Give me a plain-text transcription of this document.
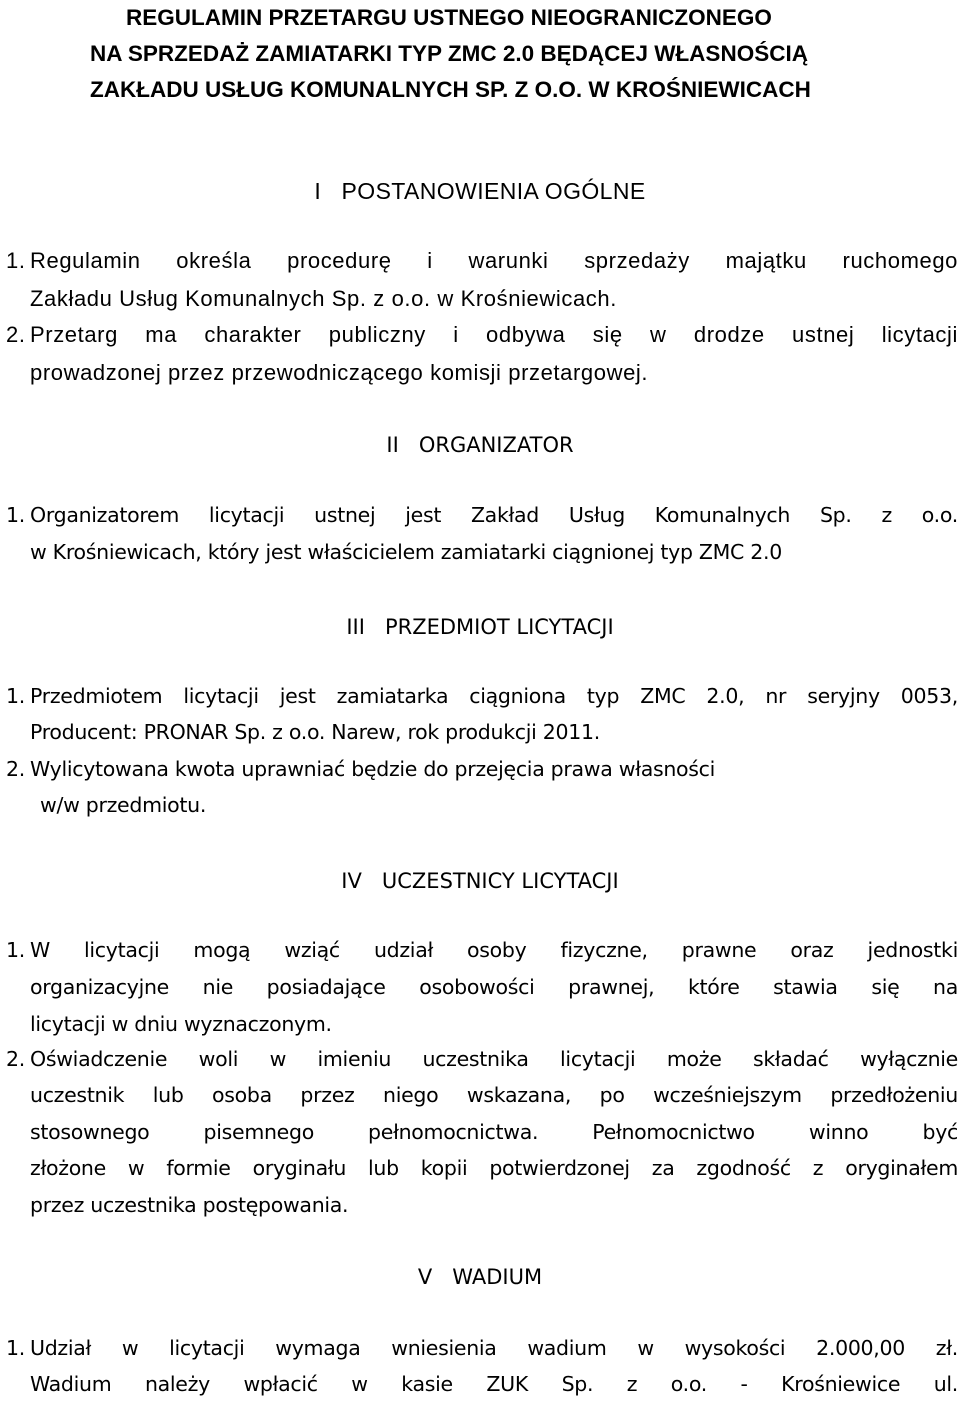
REGULAMIN PRZETARGU USTNEGO NIEOGRANICZONEGO
NA SPRZEDAŻ ZAMIATARKI TYP ZMC 2.0 BĘDĄCEJ WŁASNOŚCIĄ
ZAKŁADU USŁUG KOMUNALNYCH SP. Z O.O. W KROŚNIEWICACH
I   POSTANOWIENIA OGÓLNE
1. Regulamin określa procedurę i warunki sprzedaży majątku ruchomego
Zakładu Usług Komunalnych Sp. z o.o. w Krośniewicach.
2. Przetarg ma charakter publiczny i odbywa się w drodze ustnej licytacji
prowadzonej przez przewodniczącego komisji przetargowej.
II   ORGANIZATOR
1. Organizatorem licytacji ustnej jest Zakład Usług Komunalnych Sp. z o.o.
w Krośniewicach, który jest właścicielem zamiatarki ciągnionej typ ZMC 2.0
III   PRZEDMIOT LICYTACJI
1. Przedmiotem licytacji jest zamiatarka ciągniona typ ZMC 2.0, nr seryjny 0053,
Producent: PRONAR Sp. z o.o. Narew, rok produkcji 2011.
2. Wylicytowana kwota uprawniać będzie do przejęcia prawa własności
w/w przedmiotu.
IV   UCZESTNICY LICYTACJI
1. W licytacji mogą wziąć udział osoby fizyczne, prawne oraz jednostki
organizacyjne nie posiadające osobowości prawnej, które stawia się na
licytacji w dniu wyznaczonym.
2. Oświadczenie woli w imieniu uczestnika licytacji może składać wyłącznie
uczestnik lub osoba przez niego wskazana, po wcześniejszym przedłożeniu
stosownego pisemnego pełnomocnictwa. Pełnomocnictwo winno być
złożone w formie oryginału lub kopii potwierdzonej za zgodność z oryginałem
przez uczestnika postępowania.
V   WADIUM
1. Udział w licytacji wymaga wniesienia wadium w wysokości 2.000,00 zł.
Wadium należy wpłacić w kasie ZUK Sp. z o.o. - Krośniewice ul.
